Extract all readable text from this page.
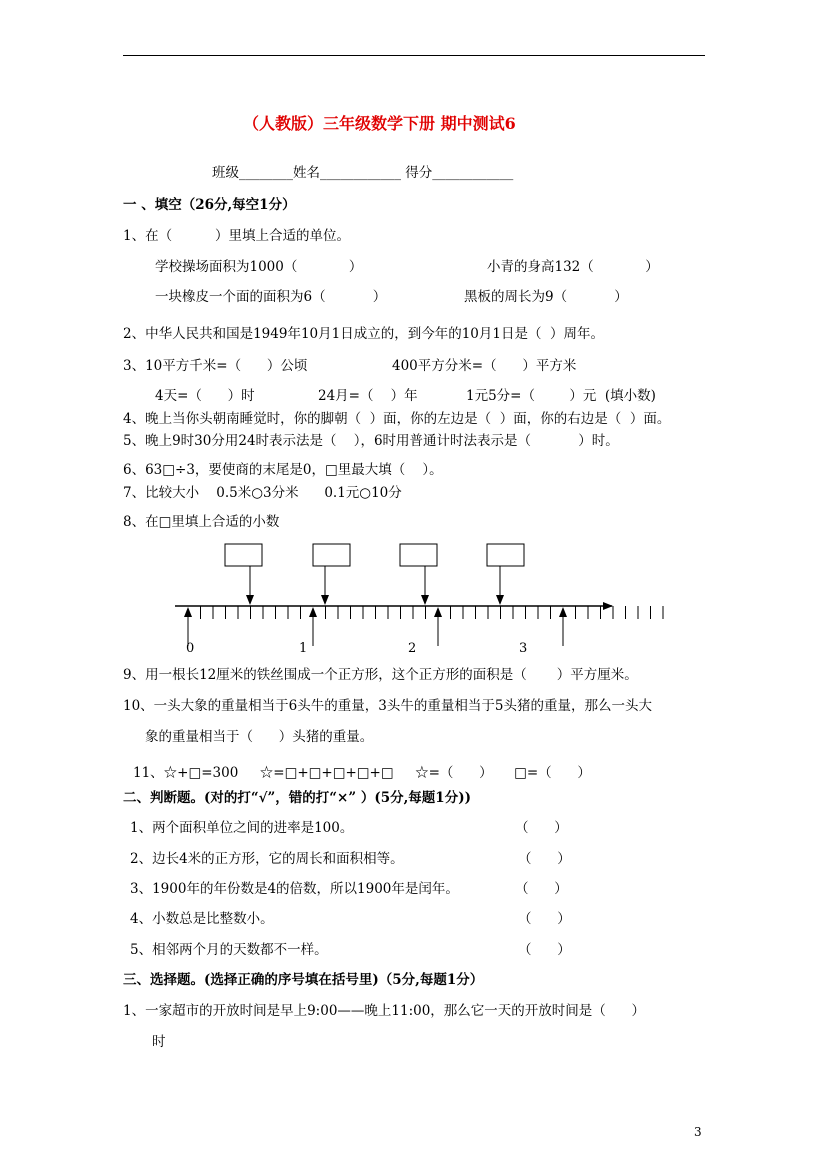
（人教版）三年级数学下册 期中测试6
班级________姓名____________ 得分____________
一 、填空（26分,每空1分）
1、在（          ）里填上合适的单位。
学校操场面积为1000（            ）	小青的身高132（            ）
一块橡皮一个面的面积为6（           ）	黑板的周长为9（           ）
2、中华人民共和国是1949年10月1日成立的，到今年的10月1日是（  ）周年。
3、10平方千米=（      ）公顷	400平方分米=（      ）平方米
4天=（      ）时	24月=（    ）年	1元5分=（        ）元  (填小数)
4、晚上当你头朝南睡觉时，你的脚朝（  ）面，你的左边是（  ）面，你的右边是（  ）面。
5、晚上9时30分用24时表示法是（    ），6时用普通计时法表示是（           ）时。
6、63□÷3，要使商的末尾是0，□里最大填（    ）。
7、比较大小    0.5米○3分米      0.1元○10分
8、在□里填上合适的小数
0	1	2	3
9、用一根长12厘米的铁丝围成一个正方形，这个正方形的面积是（       ）平方厘米。
10、一头大象的重量相当于6头牛的重量，3头牛的重量相当于5头猪的重量，那么一头大
象的重量相当于（      ）头猪的重量。
11、☆+□=300     ☆=□+□+□+□+□     ☆=（      ）     □=（      ）
二、判断题。(对的打“√”，错的打“×” ）(5分,每题1分))
1、两个面积单位之间的进率是100。	（      ）
2、边长4米的正方形，它的周长和面积相等。	（      ）
3、1900年的年份数是4的倍数，所以1900年是闰年。	（      ）
4、小数总是比整数小。	（      ）
5、相邻两个月的天数都不一样。	（      ）
三、选择题。(选择正确的序号填在括号里)（5分,每题1分）
1、一家超市的开放时间是早上9:00——晚上11:00，那么它一天的开放时间是（      ）
时
3
